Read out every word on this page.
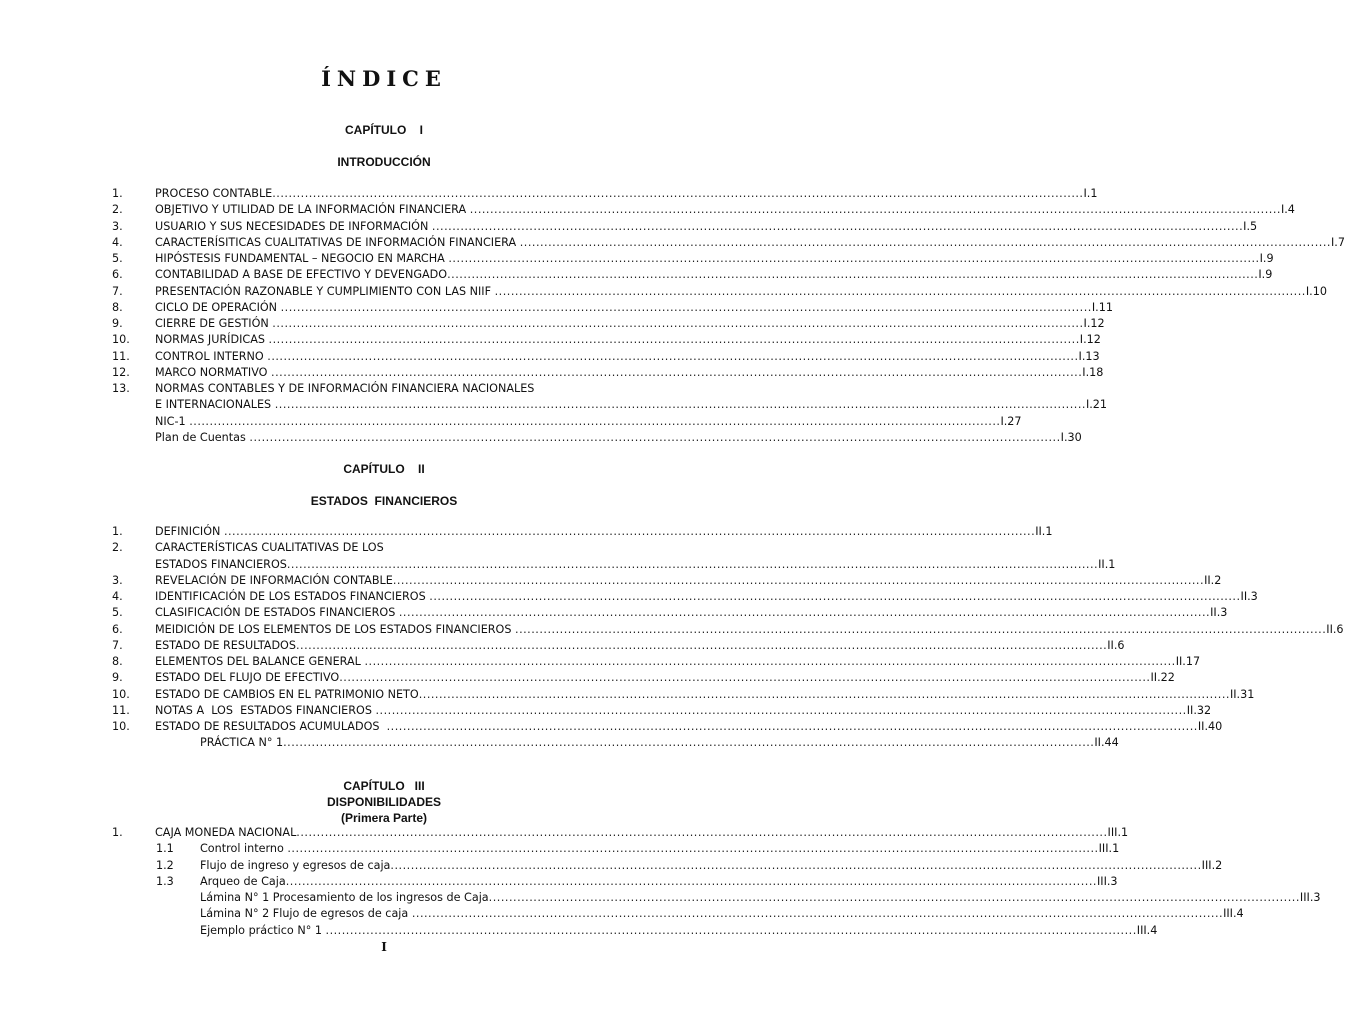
ÍNDICE
CAPÍTULO    I
INTRODUCCIÓN
1.	PROCESO CONTABLE ........................................................................................................................................................................................................ I.1
2.	OBJETIVO Y UTILIDAD DE LA INFORMACIÓN FINANCIERA ........................................................................................................................................................................................................ I.4
3.	USUARIO Y SUS NECESIDADES DE INFORMACIÓN ........................................................................................................................................................................................................ I.5
4.	CARACTERÍSITICAS CUALITATIVAS DE INFORMACIÓN FINANCIERA ........................................................................................................................................................................................................ I.7
5.	HIPÓSTESIS FUNDAMENTAL – NEGOCIO EN MARCHA ........................................................................................................................................................................................................ I.9
6.	CONTABILIDAD A BASE DE EFECTIVO Y DEVENGADO ........................................................................................................................................................................................................ I.9
7.	PRESENTACIÓN RAZONABLE Y CUMPLIMIENTO CON LAS NIIF ........................................................................................................................................................................................................ I.10
8.	CICLO DE OPERACIÓN ........................................................................................................................................................................................................ I.11
9.	CIERRE DE GESTIÓN ........................................................................................................................................................................................................ I.12
10. NORMAS JURÍDICAS ........................................................................................................................................................................................................ I.12
11. CONTROL INTERNO ........................................................................................................................................................................................................ I.13
12. MARCO NORMATIVO ........................................................................................................................................................................................................ I.18
13. NORMAS CONTABLES Y DE INFORMACIÓN FINANCIERA NACIONALES
E INTERNACIONALES ........................................................................................................................................................................................................ I.21
NIC-1 ........................................................................................................................................................................................................ I.27
Plan de Cuentas ........................................................................................................................................................................................................ I.30
CAPÍTULO    II
ESTADOS  FINANCIEROS
1.	DEFINICIÓN ........................................................................................................................................................................................................ II.1
2.	CARACTERÍSTICAS CUALITATIVAS DE LOS
ESTADOS FINANCIEROS ........................................................................................................................................................................................................ II.1
3.	REVELACIÓN DE INFORMACIÓN CONTABLE ........................................................................................................................................................................................................ II.2
4.	IDENTIFICACIÓN DE LOS ESTADOS FINANCIEROS ........................................................................................................................................................................................................ II.3
5.	CLASIFICACIÓN DE ESTADOS FINANCIEROS ........................................................................................................................................................................................................ II.3
6.	MEIDICIÓN DE LOS ELEMENTOS DE LOS ESTADOS FINANCIEROS ........................................................................................................................................................................................................ II.6
7.	ESTADO DE RESULTADOS ........................................................................................................................................................................................................ II.6
8.	ELEMENTOS DEL BALANCE GENERAL ........................................................................................................................................................................................................ II.17
9.	ESTADO DEL FLUJO DE EFECTIVO ........................................................................................................................................................................................................ II.22
10. ESTADO DE CAMBIOS EN EL PATRIMONIO NETO ........................................................................................................................................................................................................ II.31
11. NOTAS A  LOS  ESTADOS FINANCIEROS ........................................................................................................................................................................................................ II.32
10. ESTADO DE RESULTADOS ACUMULADOS ........................................................................................................................................................................................................ II.40
PRÁCTICA N° 1 ........................................................................................................................................................................................................ II.44
CAPÍTULO   III
DISPONIBILIDADES
(Primera Parte)
1.	CAJA MONEDA NACIONAL ........................................................................................................................................................................................................ III.1
1.1 Control interno ........................................................................................................................................................................................................ III.1
1.2 Flujo de ingreso y egresos de caja ........................................................................................................................................................................................................ III.2
1.3 Arqueo de Caja ........................................................................................................................................................................................................ III.3
Lámina N° 1 Procesamiento de los ingresos de Caja ........................................................................................................................................................................................................ III.3
Lámina N° 2 Flujo de egresos de caja ........................................................................................................................................................................................................ III.4
Ejemplo práctico N° 1 ........................................................................................................................................................................................................ III.4
I
